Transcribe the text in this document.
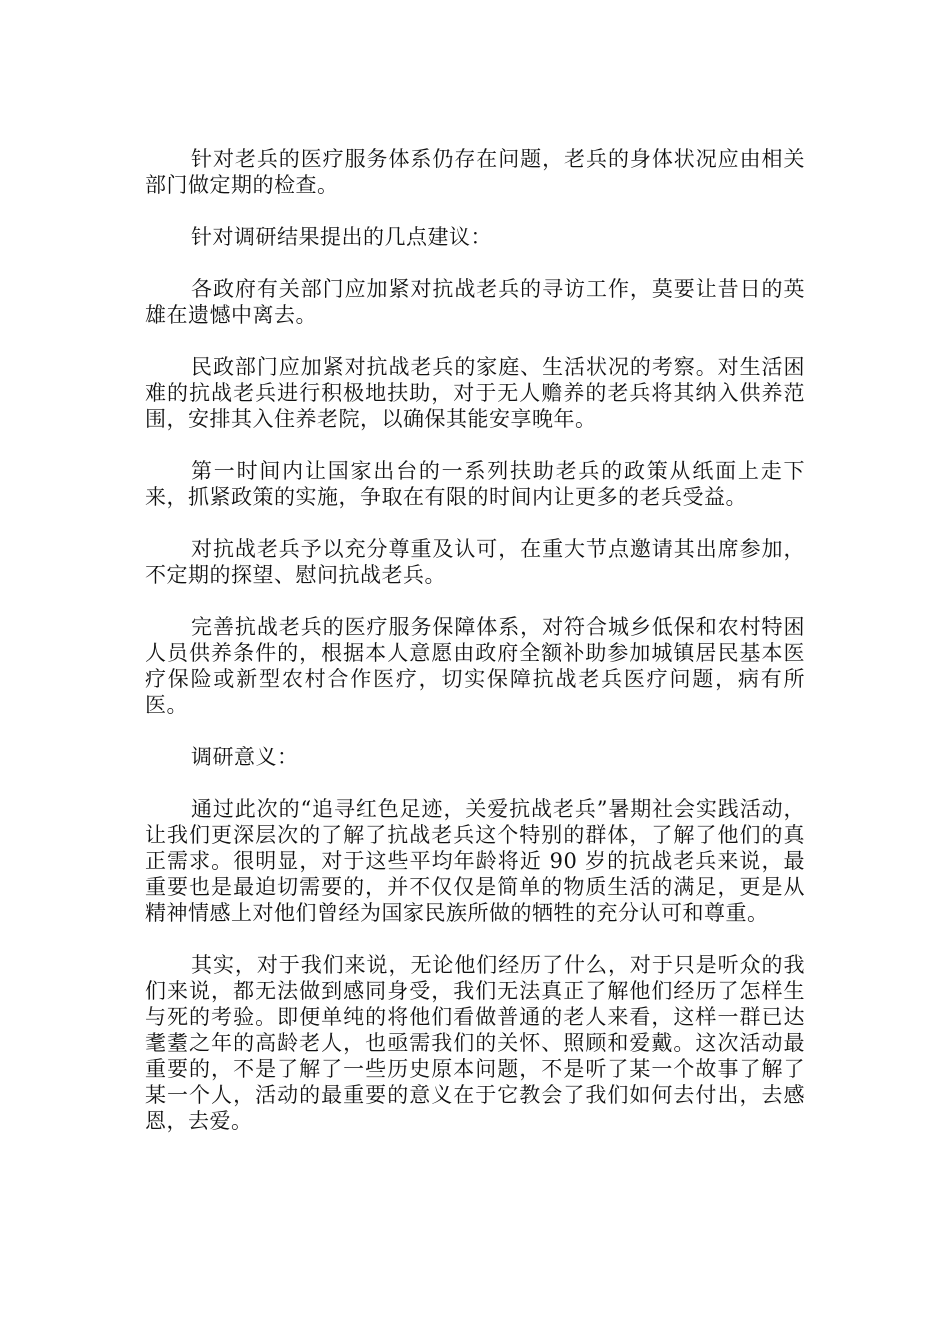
针对老兵的医疗服务体系仍存在问题，老兵的身体状况应由相关部门做定期的检查。

针对调研结果提出的几点建议：

各政府有关部门应加紧对抗战老兵的寻访工作，莫要让昔日的英雄在遗憾中离去。

民政部门应加紧对抗战老兵的家庭、生活状况的考察。对生活困难的抗战老兵进行积极地扶助，对于无人赡养的老兵将其纳入供养范围，安排其入住养老院，以确保其能安享晚年。

第一时间内让国家出台的一系列扶助老兵的政策从纸面上走下来，抓紧政策的实施，争取在有限的时间内让更多的老兵受益。

对抗战老兵予以充分尊重及认可，在重大节点邀请其出席参加，不定期的探望、慰问抗战老兵。

完善抗战老兵的医疗服务保障体系，对符合城乡低保和农村特困人员供养条件的，根据本人意愿由政府全额补助参加城镇居民基本医疗保险或新型农村合作医疗，切实保障抗战老兵医疗问题，病有所医。

调研意义：

通过此次的“追寻红色足迹，关爱抗战老兵”暑期社会实践活动，让我们更深层次的了解了抗战老兵这个特别的群体，了解了他们的真正需求。很明显，对于这些平均年龄将近 90 岁的抗战老兵来说，最重要也是最迫切需要的，并不仅仅是简单的物质生活的满足，更是从精神情感上对他们曾经为国家民族所做的牺牲的充分认可和尊重。

其实，对于我们来说，无论他们经历了什么，对于只是听众的我们来说，都无法做到感同身受，我们无法真正了解他们经历了怎样生与死的考验。即便单纯的将他们看做普通的老人来看，这样一群已达耄耋之年的高龄老人，也亟需我们的关怀、照顾和爱戴。这次活动最重要的，不是了解了一些历史原本问题，不是听了某一个故事了解了某一个人，活动的最重要的意义在于它教会了我们如何去付出，去感恩，去爱。
